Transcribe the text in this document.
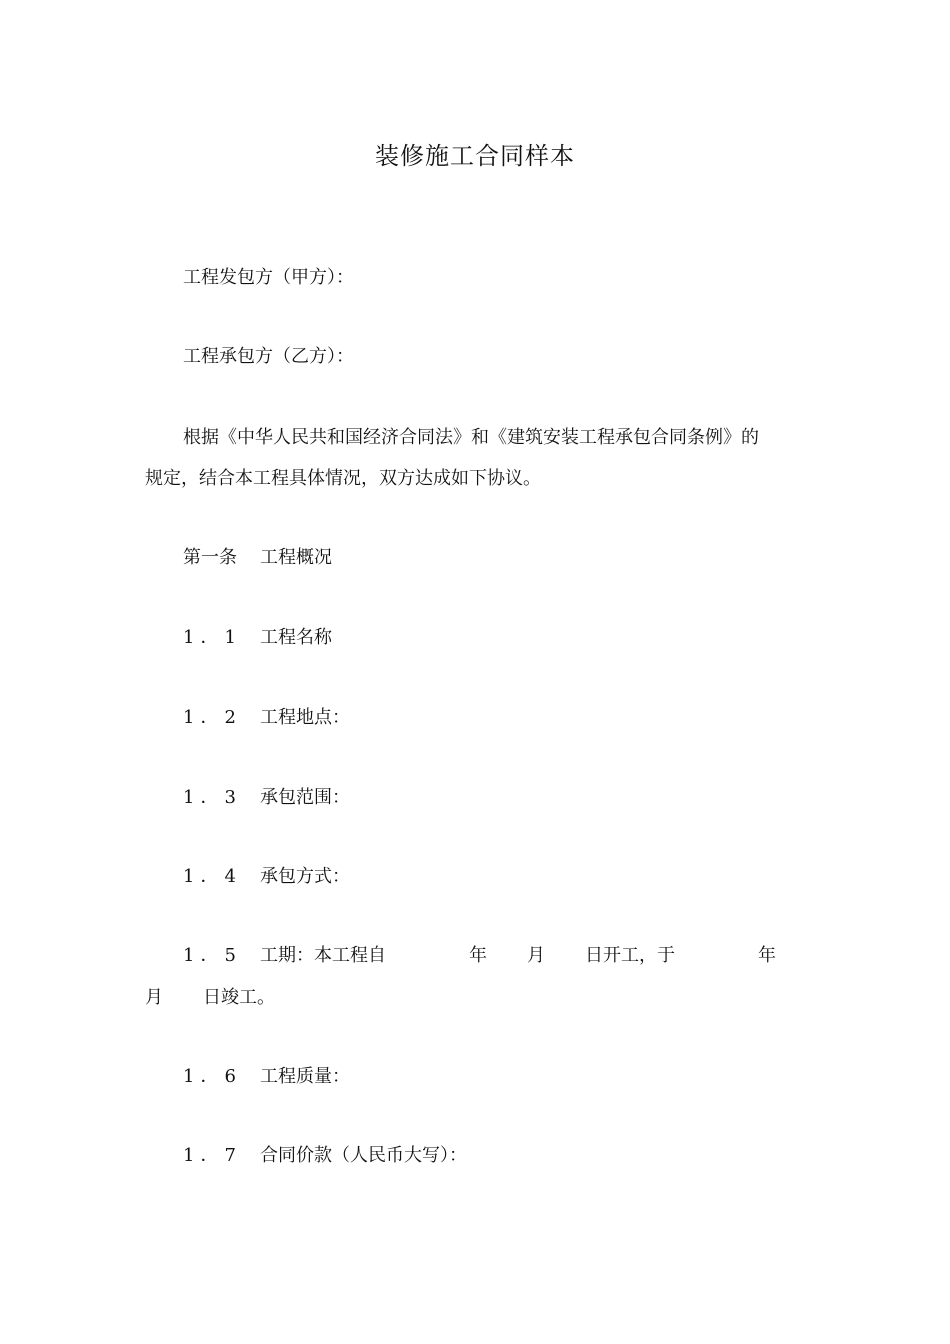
装修施工合同样本
工程发包方（甲方）：
工程承包方（乙方）：
根据《中华人民共和国经济合同法》和《建筑安装工程承包合同条例》的
规定，结合本工程具体情况，双方达成如下协议。
第一条 工程概况
1．1 工程名称
1．2 工程地点：
1．3 承包范围：
1．4 承包方式：
1．5 工期：本工程自	年 月 日开工，于	年
月 日竣工。
1．6 工程质量：
1．7 合同价款（人民币大写）：
